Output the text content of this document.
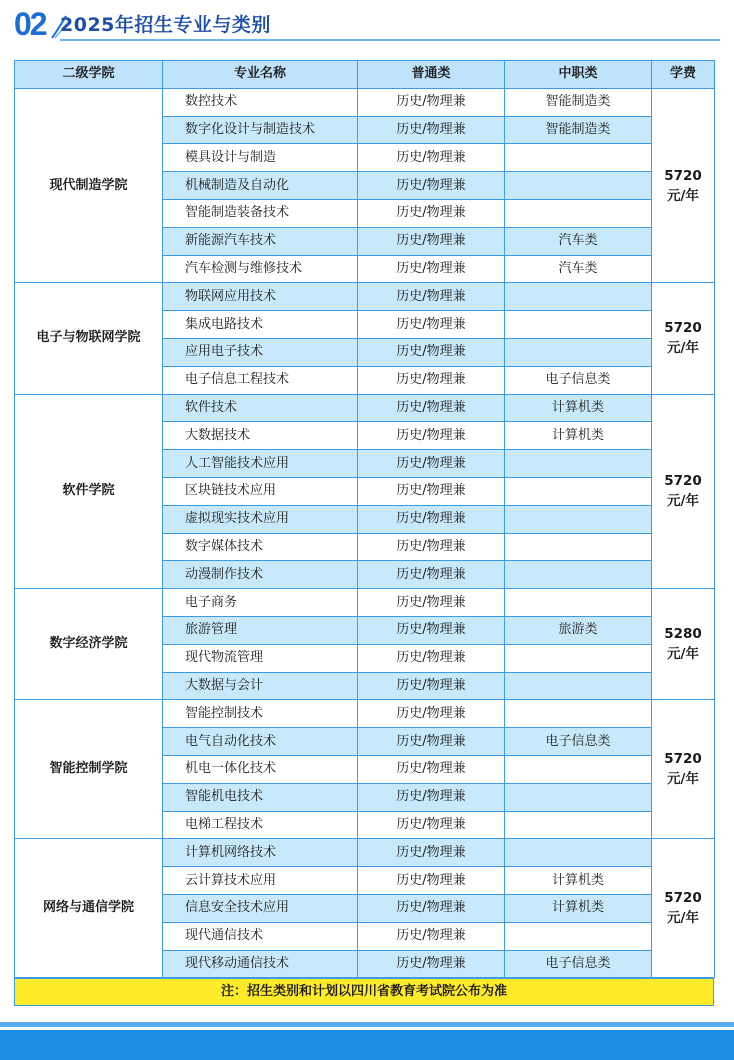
02 2025年招生专业与类别
二级学院	专业名称	普通类	中职类	学费
现代制造学院	数控技术	历史/物理兼	智能制造类	5720
元/年

	数字化设计与制造技术	历史/物理兼	智能制造类	
	模具设计与制造	历史/物理兼		
	机械制造及自动化	历史/物理兼		
	智能制造装备技术	历史/物理兼		
	新能源汽车技术	历史/物理兼	汽车类	
	汽车检测与维修技术	历史/物理兼	汽车类	
电子与物联网学院	物联网应用技术	历史/物理兼		5720
元/年

	集成电路技术	历史/物理兼		
	应用电子技术	历史/物理兼		
	电子信息工程技术	历史/物理兼	电子信息类	
软件学院	软件技术	历史/物理兼	计算机类	5720
元/年

	大数据技术	历史/物理兼	计算机类	
	人工智能技术应用	历史/物理兼		
	区块链技术应用	历史/物理兼		
	虚拟现实技术应用	历史/物理兼		
	数字媒体技术	历史/物理兼		
	动漫制作技术	历史/物理兼		
数字经济学院	电子商务	历史/物理兼		5280
元/年

	旅游管理	历史/物理兼	旅游类	
	现代物流管理	历史/物理兼		
	大数据与会计	历史/物理兼		
智能控制学院	智能控制技术	历史/物理兼		5720
元/年

	电气自动化技术	历史/物理兼	电子信息类	
	机电一体化技术	历史/物理兼		
	智能机电技术	历史/物理兼		
	电梯工程技术	历史/物理兼		
网络与通信学院	计算机网络技术	历史/物理兼		5720
元/年

	云计算技术应用	历史/物理兼	计算机类	
	信息安全技术应用	历史/物理兼	计算机类	
	现代通信技术	历史/物理兼		
	现代移动通信技术	历史/物理兼	电子信息类	
注：招生类别和计划以四川省教育考试院公布为准
